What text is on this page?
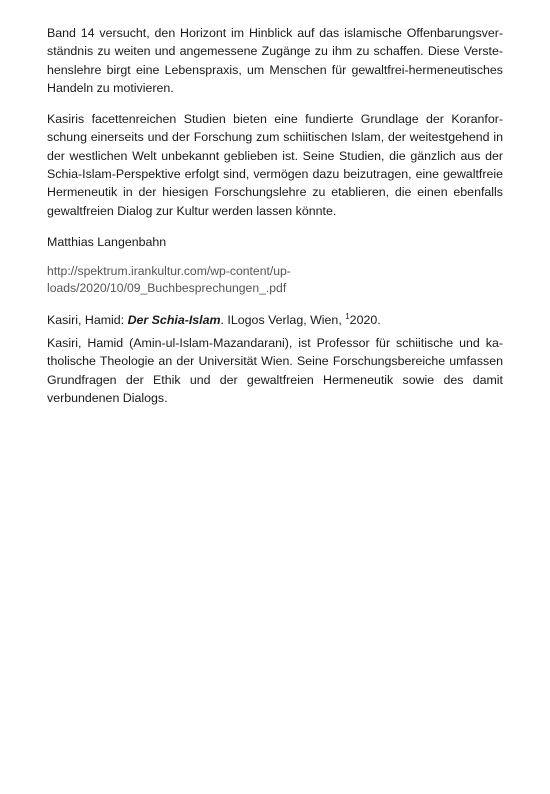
Band 14 versucht, den Horizont im Hinblick auf das islamische Offenbarungsverständnis zu weiten und angemessene Zugänge zu ihm zu schaffen. Diese Verstehenslehre birgt eine Lebenspraxis, um Menschen für gewaltfrei-hermeneutisches Handeln zu motivieren.

Kasiris facettenreichen Studien bieten eine fundierte Grundlage der Koranforschung einerseits und der Forschung zum schiitischen Islam, der weitestgehend in der westlichen Welt unbekannt geblieben ist. Seine Studien, die gänzlich aus der Schia-Islam-Perspektive erfolgt sind, vermögen dazu beizutragen, eine gewaltfreie Hermeneutik in der hiesigen Forschungslehre zu etablieren, die einen ebenfalls gewaltfreien Dialog zur Kultur werden lassen könnte.

Matthias Langenbahn

http://spektrum.irankultur.com/wp-content/up-
loads/2020/10/09_Buchbesprechungen_.pdf

Kasiri, Hamid: Der Schia-Islam. ILogos Verlag, Wien, $^1$2020.

Kasiri, Hamid (Amin-ul-Islam-Mazandarani), ist Professor für schiitische und katholische Theologie an der Universität Wien. Seine Forschungsbereiche umfassen Grundfragen der Ethik und der gewaltfreien Hermeneutik sowie des damit verbundenen Dialogs.
